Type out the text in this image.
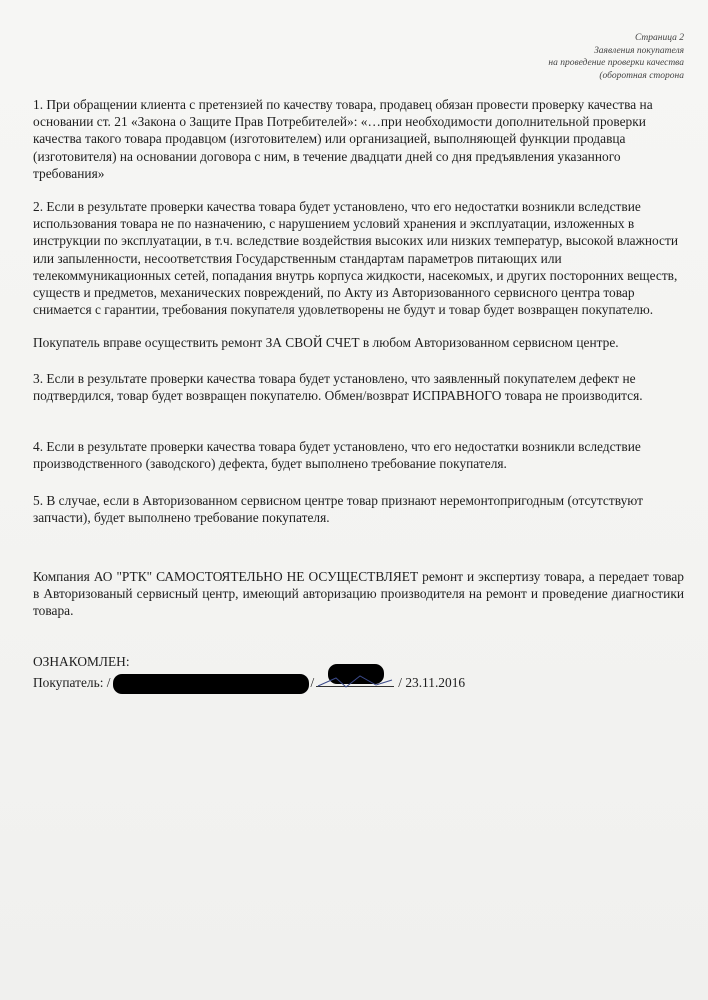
Страница 2
Заявления покупателя
на проведение проверки качества
(оборотная сторона

1. При обращении клиента с претензией по качеству товара, продавец обязан провести проверку качества на основании ст. 21 «Закона о Защите Прав Потребителей»: «…при необходимости дополнительной проверки качества такого товара продавцом (изготовителем) или организацией, выполняющей функции продавца (изготовителя) на основании договора с ним, в течение двадцати дней со дня предъявления указанного требования»

2. Если в результате проверки качества товара будет установлено, что его недостатки возникли вследствие использования товара не по назначению, с нарушением условий хранения и эксплуатации, изложенных в инструкции по эксплуатации, в т.ч. вследствие воздействия высоких или низких температур, высокой влажности или запыленности, несоответствия Государственным стандартам параметров питающих или телекоммуникационных сетей, попадания внутрь корпуса жидкости, насекомых, и других посторонних веществ, существ и предметов, механических повреждений, по Акту из Авторизованного сервисного центра товар снимается с гарантии, требования покупателя удовлетворены не будут и товар будет возвращен покупателю.

Покупатель вправе осуществить ремонт ЗА СВОЙ СЧЕТ в любом Авторизованном сервисном центре.

3. Если в результате проверки качества товара будет установлено, что заявленный покупателем дефект не подтвердился, товар будет возвращен покупателю. Обмен/возврат ИСПРАВНОГО товара не производится.

4. Если в результате проверки качества товара будет установлено, что его недостатки возникли вследствие производственного (заводского) дефекта, будет выполнено требование покупателя.

5. В случае, если в Авторизованном сервисном центре товар признают неремонтопригодным (отсутствуют запчасти), будет выполнено требование покупателя.

Компания АО "РТК" САМОСТОЯТЕЛЬНО НЕ ОСУЩЕСТВЛЯЕТ ремонт и экспертизу товара, а передает товар в Авторизованый сервисный центр, имеющий авторизацию производителя на ремонт и проведение диагностики товара.

ОЗНАКОМЛЕН:
Покупатель: /	/	/ 23.11.2016
